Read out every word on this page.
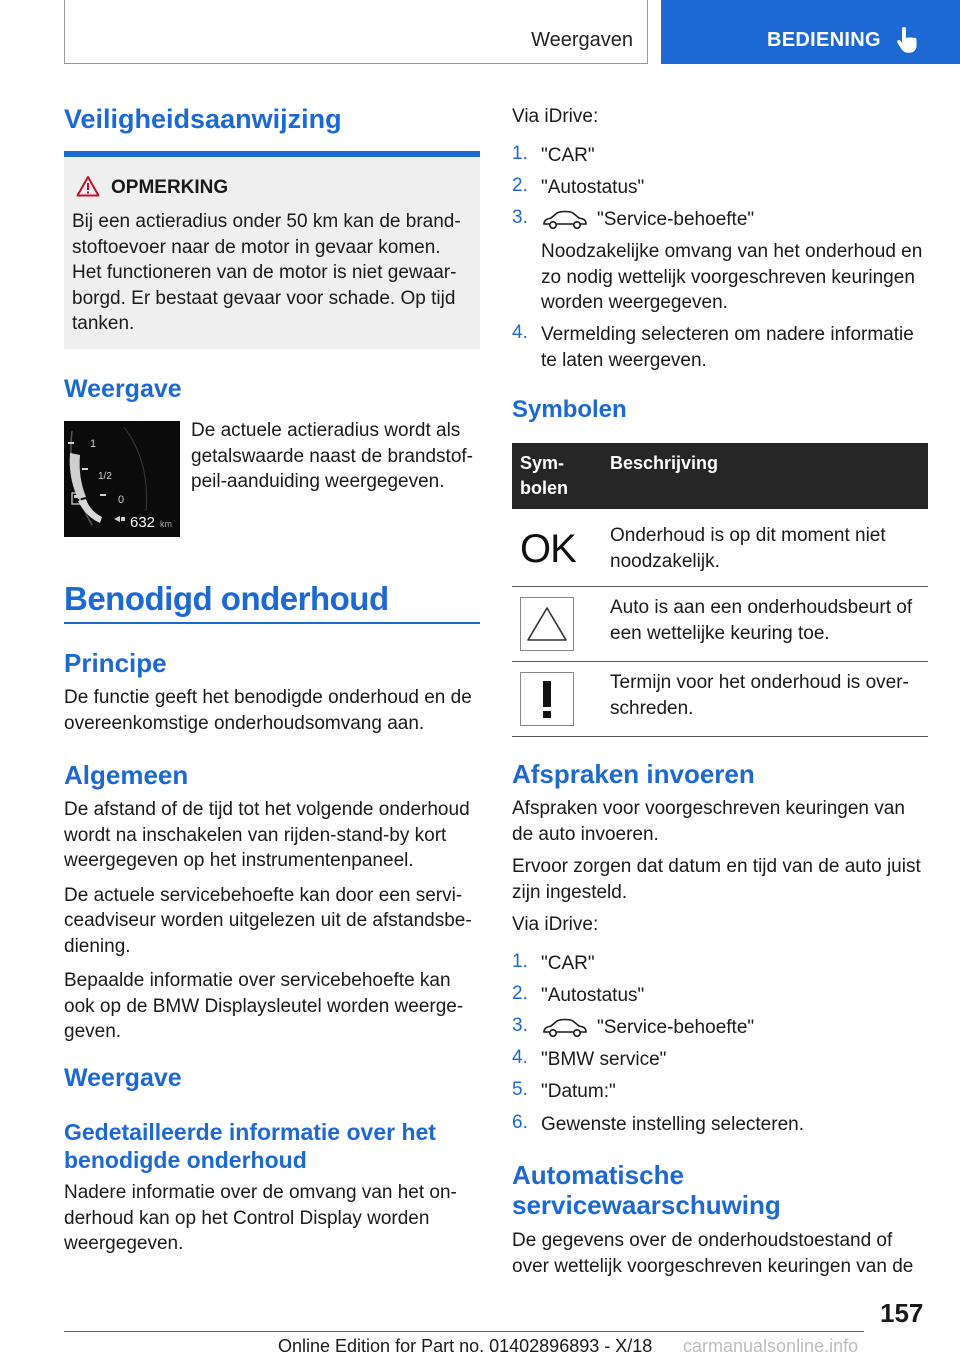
Weergaven	BEDIENING
Veiligheidsaanwijzing
OPMERKING
Bij een actieradius onder 50 km kan de brand-
stoftoevoer naar de motor in gevaar komen.
Het functioneren van de motor is niet gewaar-
borgd. Er bestaat gevaar voor schade. Op tijd
tanken.
Weergave
1
1/2
0
632 km
De actuele actieradius wordt als
getalswaarde naast de brandstof-
peil-aanduiding weergegeven.
Benodigd onderhoud
Principe
De functie geeft het benodigde onderhoud en de
overeenkomstige onderhoudsomvang aan.
Algemeen
De afstand of de tijd tot het volgende onderhoud
wordt na inschakelen van rijden-stand-by kort
weergegeven op het instrumentenpaneel.
De actuele servicebehoefte kan door een servi-
ceadviseur worden uitgelezen uit de afstandsbe-
diening.
Bepaalde informatie over servicebehoefte kan
ook op de BMW Displaysleutel worden weerge-
geven.
Weergave
Gedetailleerde informatie over het
benodigde onderhoud
Nadere informatie over de omvang van het on-
derhoud kan op het Control Display worden
weergegeven.
Via iDrive:
1. "CAR"
2. "Autostatus"
3.	"Service-behoefte"
Noodzakelijke omvang van het onderhoud en
zo nodig wettelijk voorgeschreven keuringen
worden weergegeven.
4. Vermelding selecteren om nadere informatie
te laten weergeven.
Symbolen
Sym-
bolen	Beschrijving

OK	Onderhoud is op dit moment niet
noodzakelijk.

Auto is aan een onderhoudsbeurt of
een wettelijke keuring toe.

Termijn voor het onderhoud is over-
schreden.
Afspraken invoeren
Afspraken voor voorgeschreven keuringen van
de auto invoeren.
Ervoor zorgen dat datum en tijd van de auto juist
zijn ingesteld.
Via iDrive:
1. "CAR"
2. "Autostatus"
3.	"Service-behoefte"
4. "BMW service"
5. "Datum:"
6. Gewenste instelling selecteren.
Automatische
servicewaarschuwing
De gegevens over de onderhoudstoestand of
over wettelijk voorgeschreven keuringen van de
157
Online Edition for Part no. 01402896893 - X/18 carmanualsonline.info
